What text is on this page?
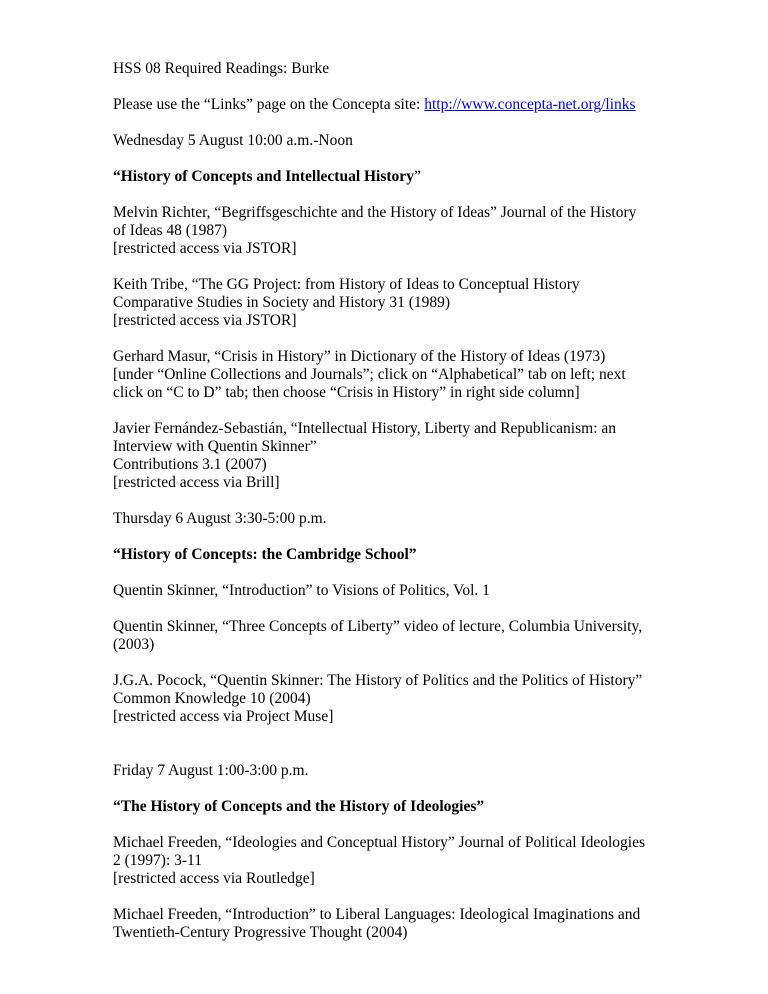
HSS 08 Required Readings: Burke

Please use the “Links” page on the Concepta site: http://www.concepta-net.org/links

Wednesday 5 August 10:00 a.m.-Noon

“History of Concepts and Intellectual History”

Melvin Richter, “Begriffsgeschichte and the History of Ideas” Journal of the History

of Ideas 48 (1987)

[restricted access via JSTOR]

Keith Tribe, “The GG Project: from History of Ideas to Conceptual History

Comparative Studies in Society and History 31 (1989)

[restricted access via JSTOR]

Gerhard Masur, “Crisis in History” in Dictionary of the History of Ideas (1973)

[under “Online Collections and Journals”; click on “Alphabetical” tab on left; next

click on “C to D” tab; then choose “Crisis in History” in right side column]

Javier Fernández-Sebastián, “Intellectual History, Liberty and Republicanism: an

Interview with Quentin Skinner”

Contributions 3.1 (2007)

[restricted access via Brill]

Thursday 6 August 3:30-5:00 p.m.

“History of Concepts: the Cambridge School”

Quentin Skinner, “Introduction” to Visions of Politics, Vol. 1

Quentin Skinner, “Three Concepts of Liberty” video of lecture, Columbia University,

(2003)

J.G.A. Pocock, “Quentin Skinner: The History of Politics and the Politics of History”

Common Knowledge 10 (2004)

[restricted access via Project Muse]

Friday 7 August 1:00-3:00 p.m.

“The History of Concepts and the History of Ideologies”

Michael Freeden, “Ideologies and Conceptual History” Journal of Political Ideologies

2 (1997): 3-11

[restricted access via Routledge]

Michael Freeden, “Introduction” to Liberal Languages: Ideological Imaginations and

Twentieth-Century Progressive Thought (2004)
